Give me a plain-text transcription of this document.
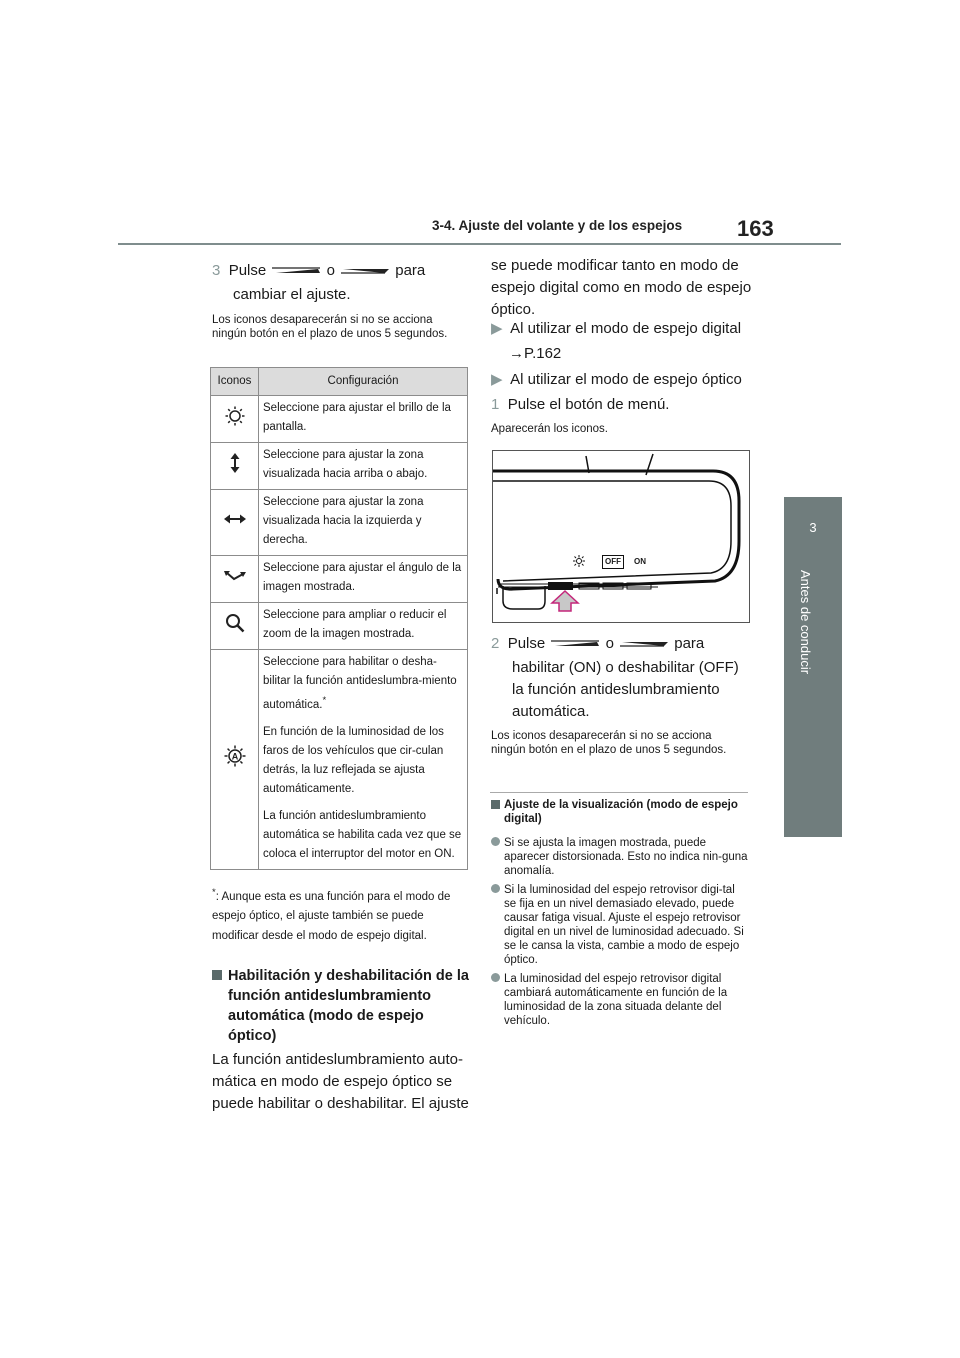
3-4. Ajuste del volante y de los espejos 163
3
Antes de conducir
3 Pulse	o	para
cambiar el ajuste.
Los iconos desaparecerán si no se acciona ningún botón en el plazo de unos 5 segundos.
Iconos	Configuración

Seleccione para ajustar el brillo de la pantalla.

Seleccione para ajustar la zona visualizada hacia arriba o abajo.

Seleccione para ajustar la zona visualizada hacia la izquierda y derecha.

Seleccione para ajustar el ángulo de la imagen mostrada.

Seleccione para ampliar o reducir el zoom de la imagen mostrada.

A	Seleccione para habilitar o desha-bilitar la función antideslumbra-miento automática.*
En función de la luminosidad de los faros de los vehículos que cir-culan detrás, la luz reflejada se ajusta automáticamente.
La función antideslumbramiento automática se habilita cada vez que se coloca el interruptor del motor en ON.
*: Aunque esta es una función para el modo de espejo óptico, el ajuste también se puede modificar desde el modo de espejo digital.
Habilitación y deshabilitación de la función antideslumbramiento automática (modo de espejo óptico)
La función antideslumbramiento auto-mática en modo de espejo óptico se puede habilitar o deshabilitar. El ajuste
se puede modificar tanto en modo de espejo digital como en modo de espejo óptico.
▶ Al utilizar el modo de espejo digital
→P.162
▶ Al utilizar el modo de espejo óptico
1 Pulse el botón de menú.
Aparecerán los iconos.
OFF	ON
2 Pulse	o	para
habilitar (ON) o deshabilitar (OFF)
la función antideslumbramiento
automática.
Los iconos desaparecerán si no se acciona ningún botón en el plazo de unos 5 segundos.
Ajuste de la visualización (modo de espejo digital)
Si se ajusta la imagen mostrada, puede aparecer distorsionada. Esto no indica nin-guna anomalía.
Si la luminosidad del espejo retrovisor digi-tal se fija en un nivel demasiado elevado, puede causar fatiga visual. Ajuste el espejo retrovisor digital en un nivel de luminosidad adecuado. Si se le cansa la vista, cambie a modo de espejo óptico.
La luminosidad del espejo retrovisor digital cambiará automáticamente en función de la luminosidad de la zona situada delante del vehículo.
